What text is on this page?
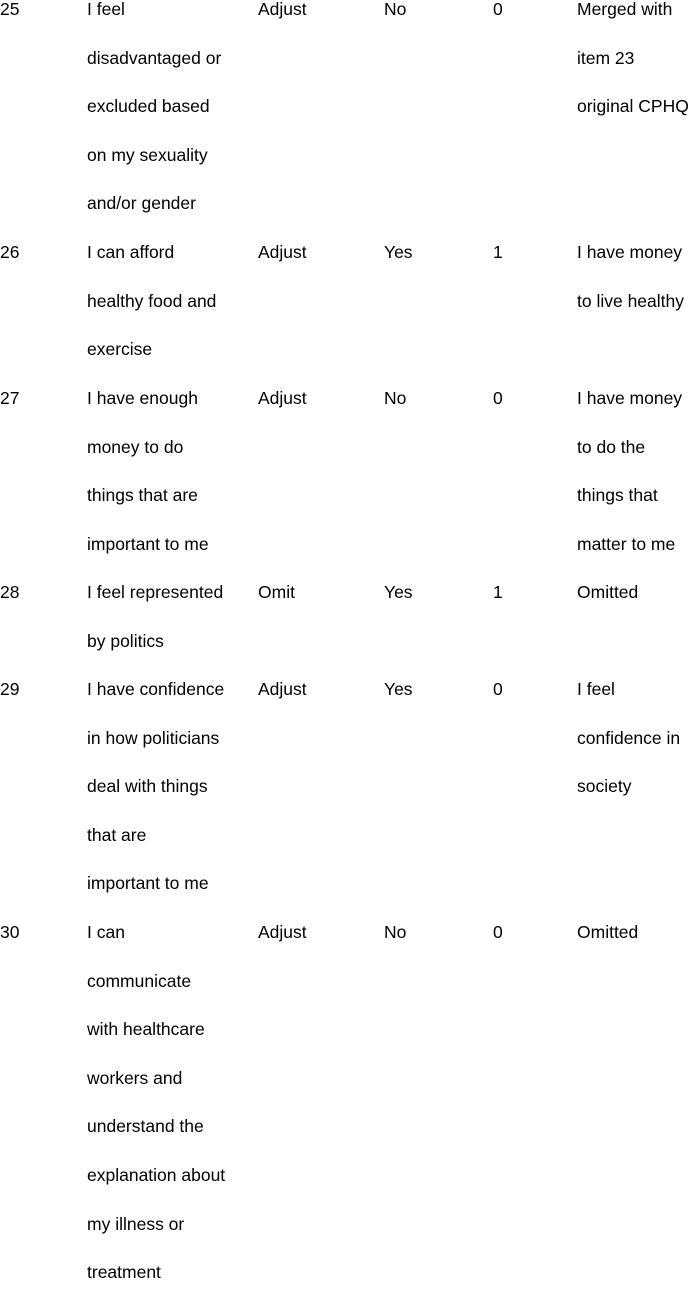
25	I feel
disadvantaged or
excluded based
on my sexuality
and/or gender
Adjust	No	0	Merged with
item 23
original CPHQ
26	I can afford
healthy food and
exercise
Adjust	Yes	1	I have money
to live healthy
27	I have enough
money to do
things that are
important to me
Adjust	No	0	I have money
to do the
things that
matter to me
28	I feel represented
by politics
Omit	Yes	1	Omitted
29	I have confidence
in how politicians
deal with things
that are
important to me
Adjust	Yes	0	I feel
confidence in
society
30	I can
communicate
with healthcare
workers and
understand the
explanation about
my illness or
treatment
Adjust	No	0	Omitted
